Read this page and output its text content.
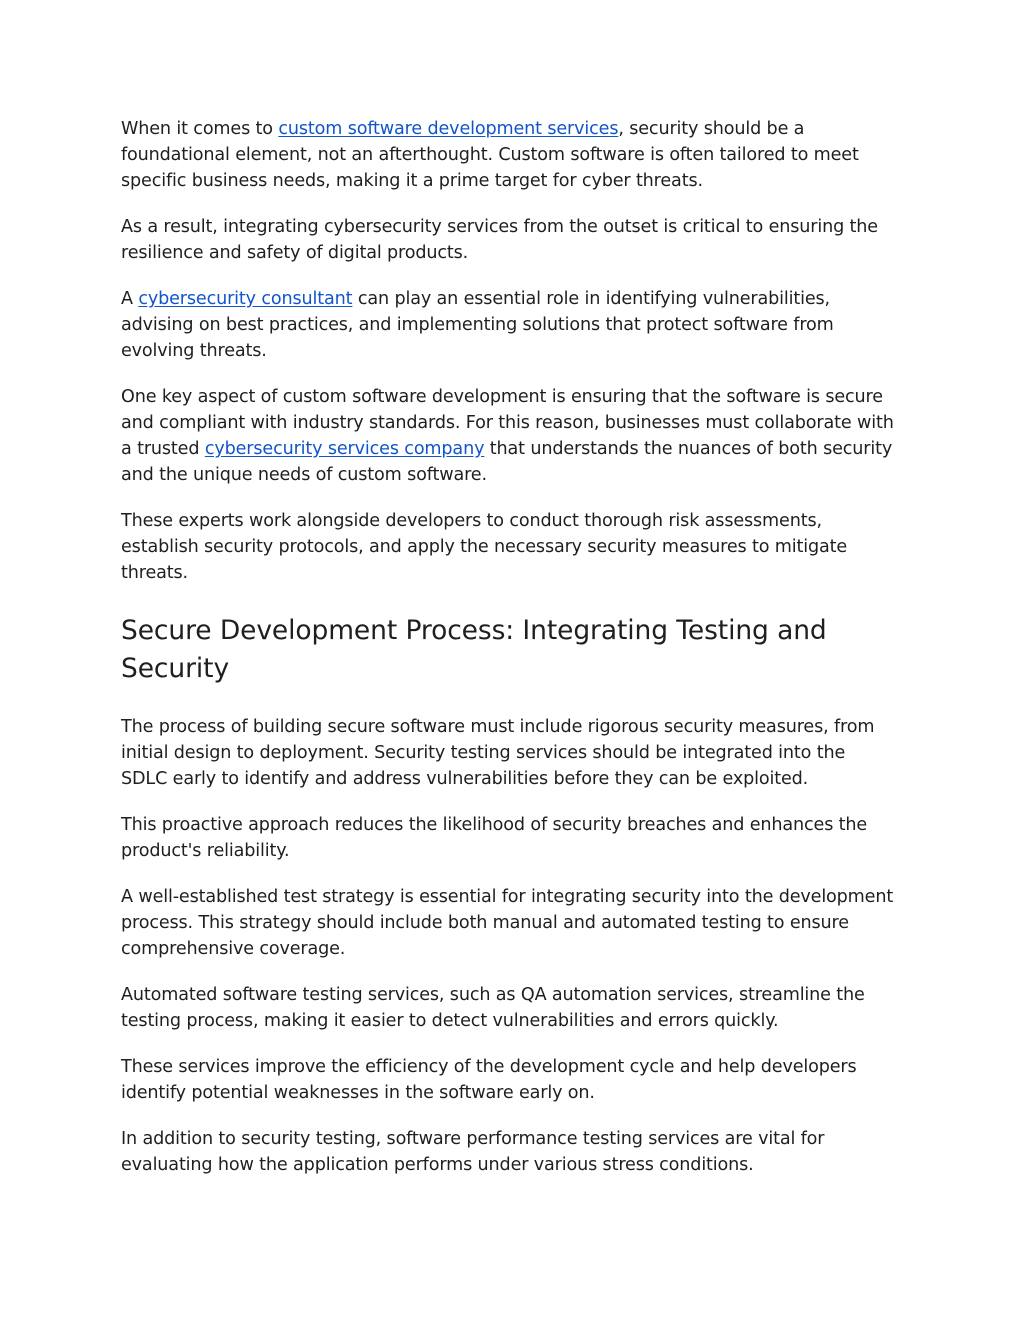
When it comes to custom software development services, security should be a foundational element, not an afterthought. Custom software is often tailored to meet specific business needs, making it a prime target for cyber threats.

As a result, integrating cybersecurity services from the outset is critical to ensuring the resilience and safety of digital products.

A cybersecurity consultant can play an essential role in identifying vulnerabilities, advising on best practices, and implementing solutions that protect software from evolving threats.

One key aspect of custom software development is ensuring that the software is secure and compliant with industry standards. For this reason, businesses must collaborate with a trusted cybersecurity services company that understands the nuances of both security and the unique needs of custom software.

These experts work alongside developers to conduct thorough risk assessments, establish security protocols, and apply the necessary security measures to mitigate threats.

Secure Development Process: Integrating Testing and Security

The process of building secure software must include rigorous security measures, from initial design to deployment. Security testing services should be integrated into the SDLC early to identify and address vulnerabilities before they can be exploited.

This proactive approach reduces the likelihood of security breaches and enhances the product's reliability.

A well-established test strategy is essential for integrating security into the development process. This strategy should include both manual and automated testing to ensure comprehensive coverage.

Automated software testing services, such as QA automation services, streamline the testing process, making it easier to detect vulnerabilities and errors quickly.

These services improve the efficiency of the development cycle and help developers identify potential weaknesses in the software early on.

In addition to security testing, software performance testing services are vital for evaluating how the application performs under various stress conditions.
